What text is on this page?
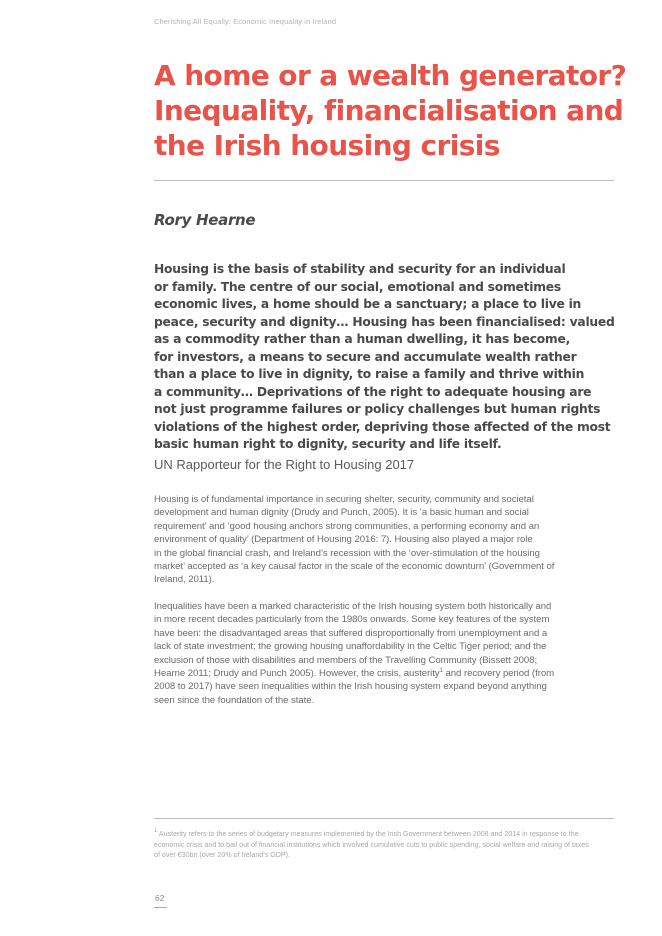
Cherishing All Equally: Economic Inequality in Ireland
A home or a wealth generator?
Inequality, financialisation and
the Irish housing crisis
Rory Hearne
Housing is the basis of stability and security for an individual
or family. The centre of our social, emotional and sometimes
economic lives, a home should be a sanctuary; a place to live in
peace, security and dignity… Housing has been financialised: valued
as a commodity rather than a human dwelling, it has become,
for investors, a means to secure and accumulate wealth rather
than a place to live in dignity, to raise a family and thrive within
a community… Deprivations of the right to adequate housing are
not just programme failures or policy challenges but human rights
violations of the highest order, depriving those affected of the most
basic human right to dignity, security and life itself.

UN Rapporteur for the Right to Housing 2017

Housing is of fundamental importance in securing shelter, security, community and societal
development and human dignity (Drudy and Punch, 2005). It is ‘a basic human and social
requirement’ and ‘good housing anchors strong communities, a performing economy and an
environment of quality’ (Department of Housing 2016: 7). Housing also played a major role
in the global financial crash, and Ireland’s recession with the ‘over-stimulation of the housing
market’ accepted as ‘a key causal factor in the scale of the economic downturn’ (Government of
Ireland, 2011).

Inequalities have been a marked characteristic of the Irish housing system both historically and
in more recent decades particularly from the 1980s onwards. Some key features of the system
have been: the disadvantaged areas that suffered disproportionally from unemployment and a
lack of state investment; the growing housing unaffordability in the Celtic Tiger period; and the
exclusion of those with disabilities and members of the Travelling Community (Bissett 2008;
Hearne 2011; Drudy and Punch 2005). However, the crisis, austerity$^1$ and recovery period (from
2008 to 2017) have seen inequalities within the Irish housing system expand beyond anything
seen since the foundation of the state.

$^1$ Austerity refers to the series of budgetary measures implemented by the Irish Government between 2008 and 2014 in response to the
economic crisis and to bail out of financial institutions which involved cumulative cuts to public spending, social welfare and raising of taxes
of over €30bn (over 20% of Ireland’s GDP).

62
